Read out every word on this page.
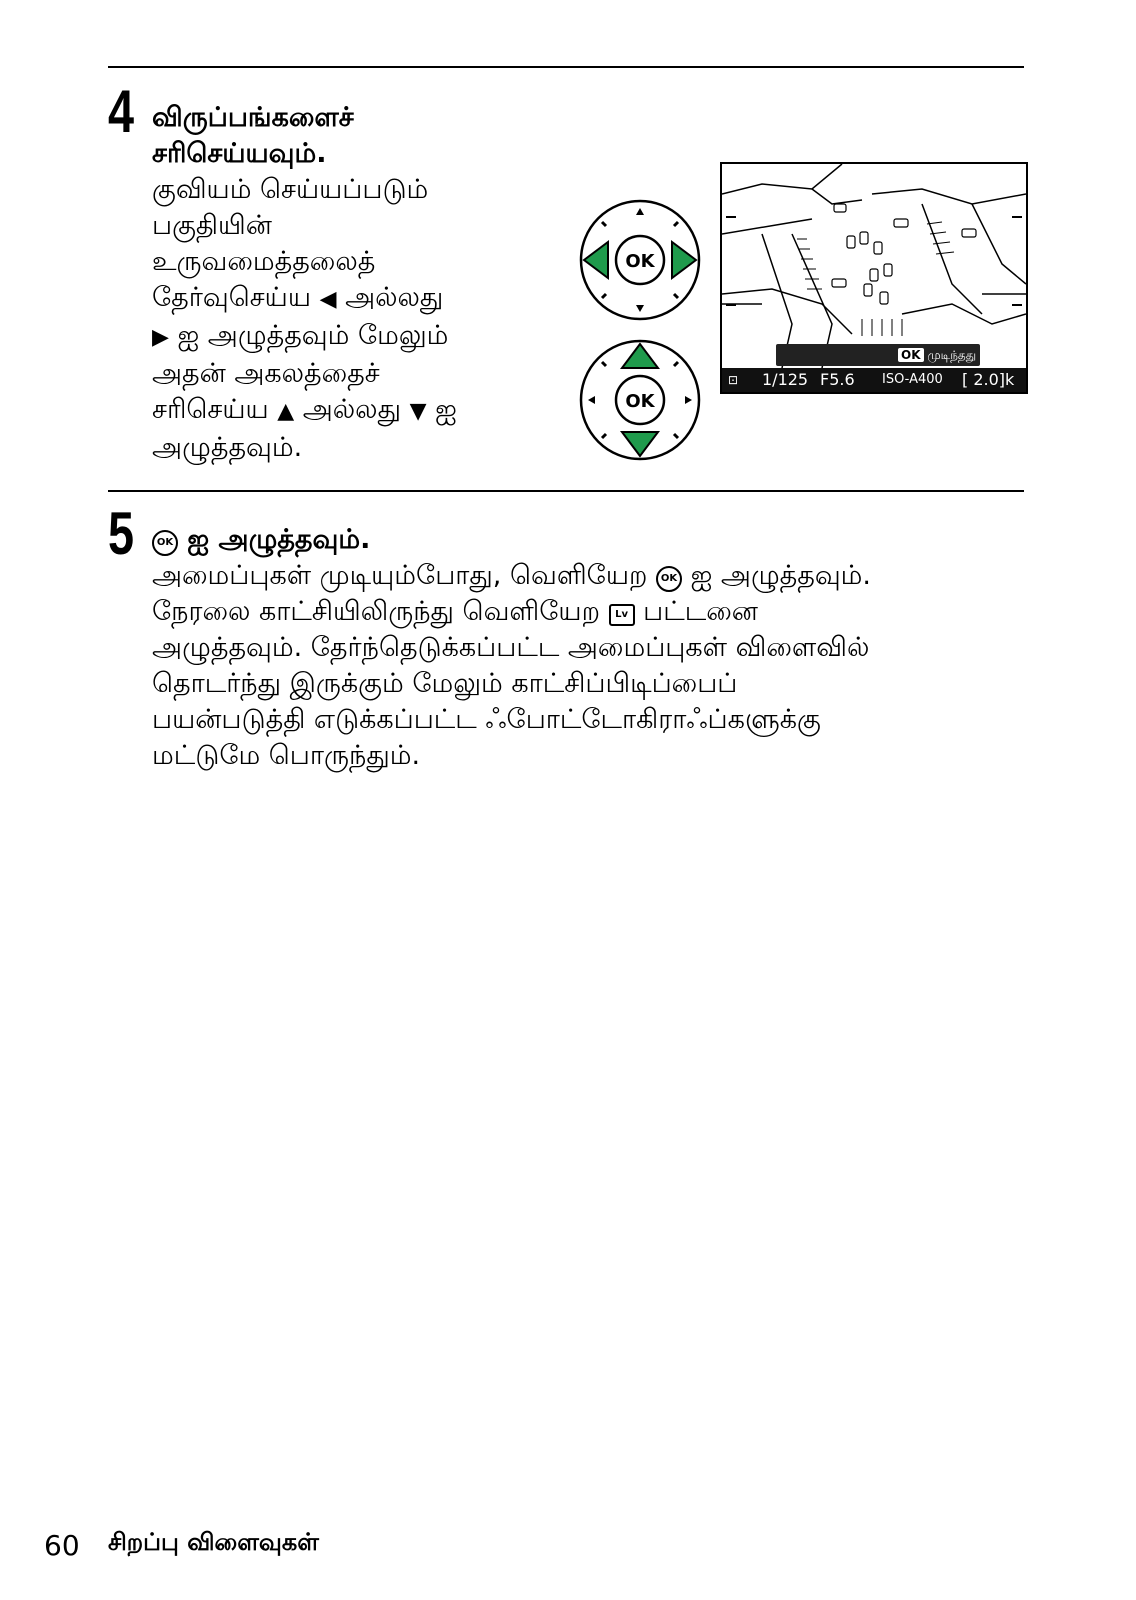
4 விருப்பங்களைச்
சரிசெய்யவும்.
குவியம் செய்யப்படும்
பகுதியின்
உருவமைத்தலைத்
தேர்வுசெய்ய ◀ அல்லது
▶ ஐ அழுத்தவும் மேலும்
அதன் அகலத்தைச்
சரிசெய்ய ▲ அல்லது ▼ ஐ
அழுத்தவும்.
OK
OK
OK முடிந்தது
⊡ 1/125 F5.6 ISO-A400 [ 2.0]k
5	OK ஐ அழுத்தவும்.
அமைப்புகள் முடியும்போது, வெளியேற OK ஐ அழுத்தவும்.
நேரலை காட்சியிலிருந்து வெளியேற Lv பட்டனை
அழுத்தவும். தேர்ந்தெடுக்கப்பட்ட அமைப்புகள் விளைவில்
தொடர்ந்து இருக்கும் மேலும் காட்சிப்பிடிப்பைப்
பயன்படுத்தி எடுக்கப்பட்ட ஃபோட்டோகிராஃப்களுக்கு
மட்டுமே பொருந்தும்.
60 சிறப்பு விளைவுகள்
